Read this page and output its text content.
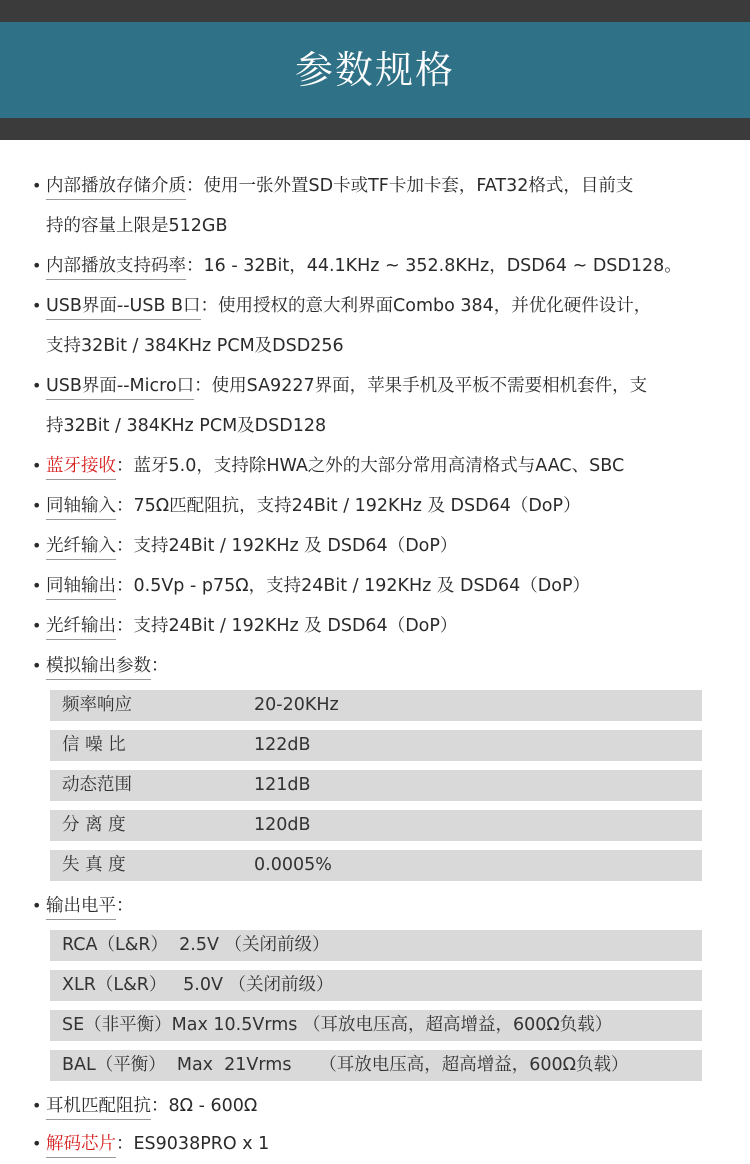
参数规格
• 内部播放存储介质：使用一张外置SD卡或TF卡加卡套，FAT32格式，目前支
持的容量上限是512GB
• 内部播放支持码率：16 - 32Bit，44.1KHz ~ 352.8KHz，DSD64 ~ DSD128。
• USB界面--USB B口：使用授权的意大利界面Combo 384，并优化硬件设计，
支持32Bit / 384KHz PCM及DSD256
• USB界面--Micro口：使用SA9227界面，苹果手机及平板不需要相机套件，支
持32Bit / 384KHz PCM及DSD128
• 蓝牙接收：蓝牙5.0，支持除HWA之外的大部分常用高清格式与AAC、SBC
• 同轴输入：75Ω匹配阻抗，支持24Bit / 192KHz 及 DSD64（DoP）
• 光纤输入：支持24Bit / 192KHz 及 DSD64（DoP）
• 同轴输出：0.5Vp - p75Ω，支持24Bit / 192KHz 及 DSD64（DoP）
• 光纤输出：支持24Bit / 192KHz 及 DSD64（DoP）
• 模拟输出参数：
频率响应	20-20KHz
信 噪 比	122dB
动态范围	121dB
分 离 度	120dB
失 真 度	0.0005%
• 输出电平：
RCA（L&R）  2.5V （关闭前级）
XLR（L&R）   5.0V （关闭前级）
SE（非平衡）Max 10.5Vrms （耳放电压高，超高增益，600Ω负载）
BAL（平衡）  Max  21Vrms     （耳放电压高，超高增益，600Ω负载）
• 耳机匹配阻抗：8Ω - 600Ω
• 解码芯片：ES9038PRO x 1
